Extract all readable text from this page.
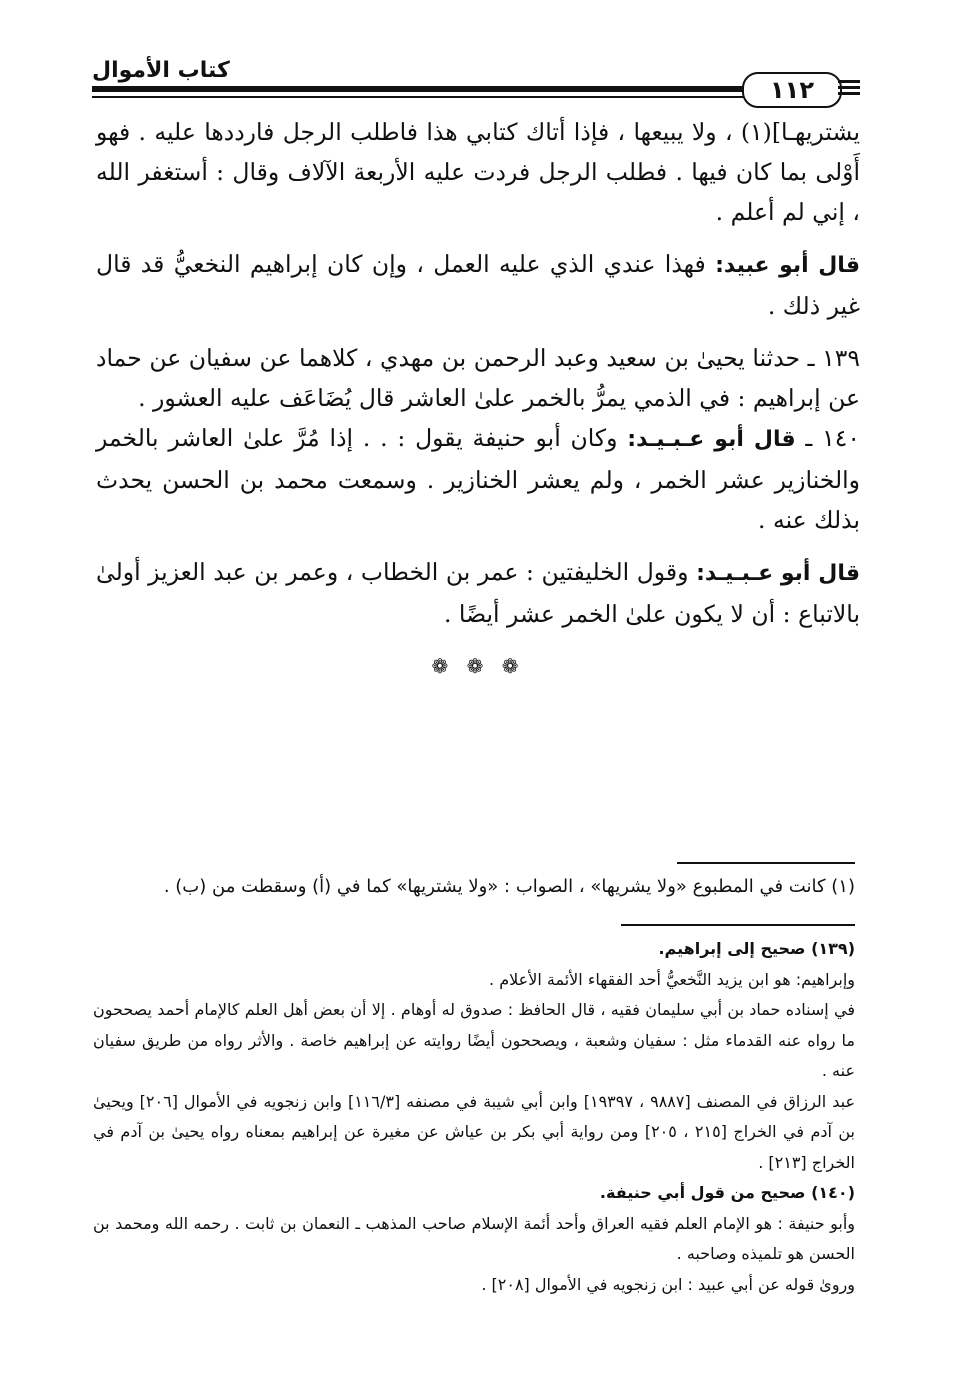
كتاب الأموال
١١٢

يشتريهـا](١) ، ولا يبيعها ، فإذا أتاك كتابي هذا فاطلب الرجل فارددها عليه . فهو أَوْلى بما كان فيها . فطلب الرجل فردت عليه الأربعة الآلاف وقال : أستغفر الله ، إني لم أعلم .

قال أبو عبيد: فهذا عندي الذي عليه العمل ، وإن كان إبراهيم النخعيُّ قد قال غير ذلك .

١٣٩ ـ حدثنا يحيىٰ بن سعيد وعبد الرحمن بن مهدي ، كلاهما عن سفيان عن حماد عن إبراهيم : في الذمي يمرُّ بالخمر علىٰ العاشر قال يُضَاعَف عليه العشور .

١٤٠ ـ قال أبو عـبـيـد: وكان أبو حنيفة يقول : . . إذا مُرَّ علىٰ العاشر بالخمر والخنازير عشر الخمر ، ولم يعشر الخنازير . وسمعت محمد بن الحسن يحدث بذلك عنه .

قال أبو عـبـيـد: وقول الخليفتين : عمر بن الخطاب ، وعمر بن عبد العزيز أولىٰ بالاتباع : أن لا يكون علىٰ الخمر عشر أيضًا .

❁ ❁ ❁
(١) كانت في المطبوع «ولا يشريها» ، الصواب : «ولا يشتريها» كما في (أ) وسقطت من (ب) .

(١٣٩) صحيح إلى إبراهيم.

وإبراهيم: هو ابن يزيد النَّخعيُّ أحد الفقهاء الأئمة الأعلام .

في إسناده حماد بن أبي سليمان فقيه ، قال الحافظ : صدوق له أوهام . إلا أن بعض أهل العلم كالإمام أحمد يصححون ما رواه عنه القدماء مثل : سفيان وشعبة ، ويصححون أيضًا روايته عن إبراهيم خاصة . والأثر رواه من طريق سفيان عنه .

عبد الرزاق في المصنف [٩٨٨٧ ، ١٩٣٩٧] وابن أبي شيبة في مصنفه [١١٦/٣] وابن زنجويه في الأموال [٢٠٦] ويحيىٰ بن آدم في الخراج [٢١٥ ، ٢٠٥] ومن رواية أبي بكر بن عياش عن مغيرة عن إبراهيم بمعناه رواه يحيىٰ بن آدم في الخراج [٢١٣] .

(١٤٠) صحيح من قول أبي حنيفة.

وأبو حنيفة : هو الإمام العلم فقيه العراق وأحد أئمة الإسلام صاحب المذهب ـ النعمان بن ثابت . رحمه الله ومحمد بن الحسن هو تلميذه وصاحبه .

ورویٰ قوله عن أبي عبيد : ابن زنجويه في الأموال [٢٠٨] .
